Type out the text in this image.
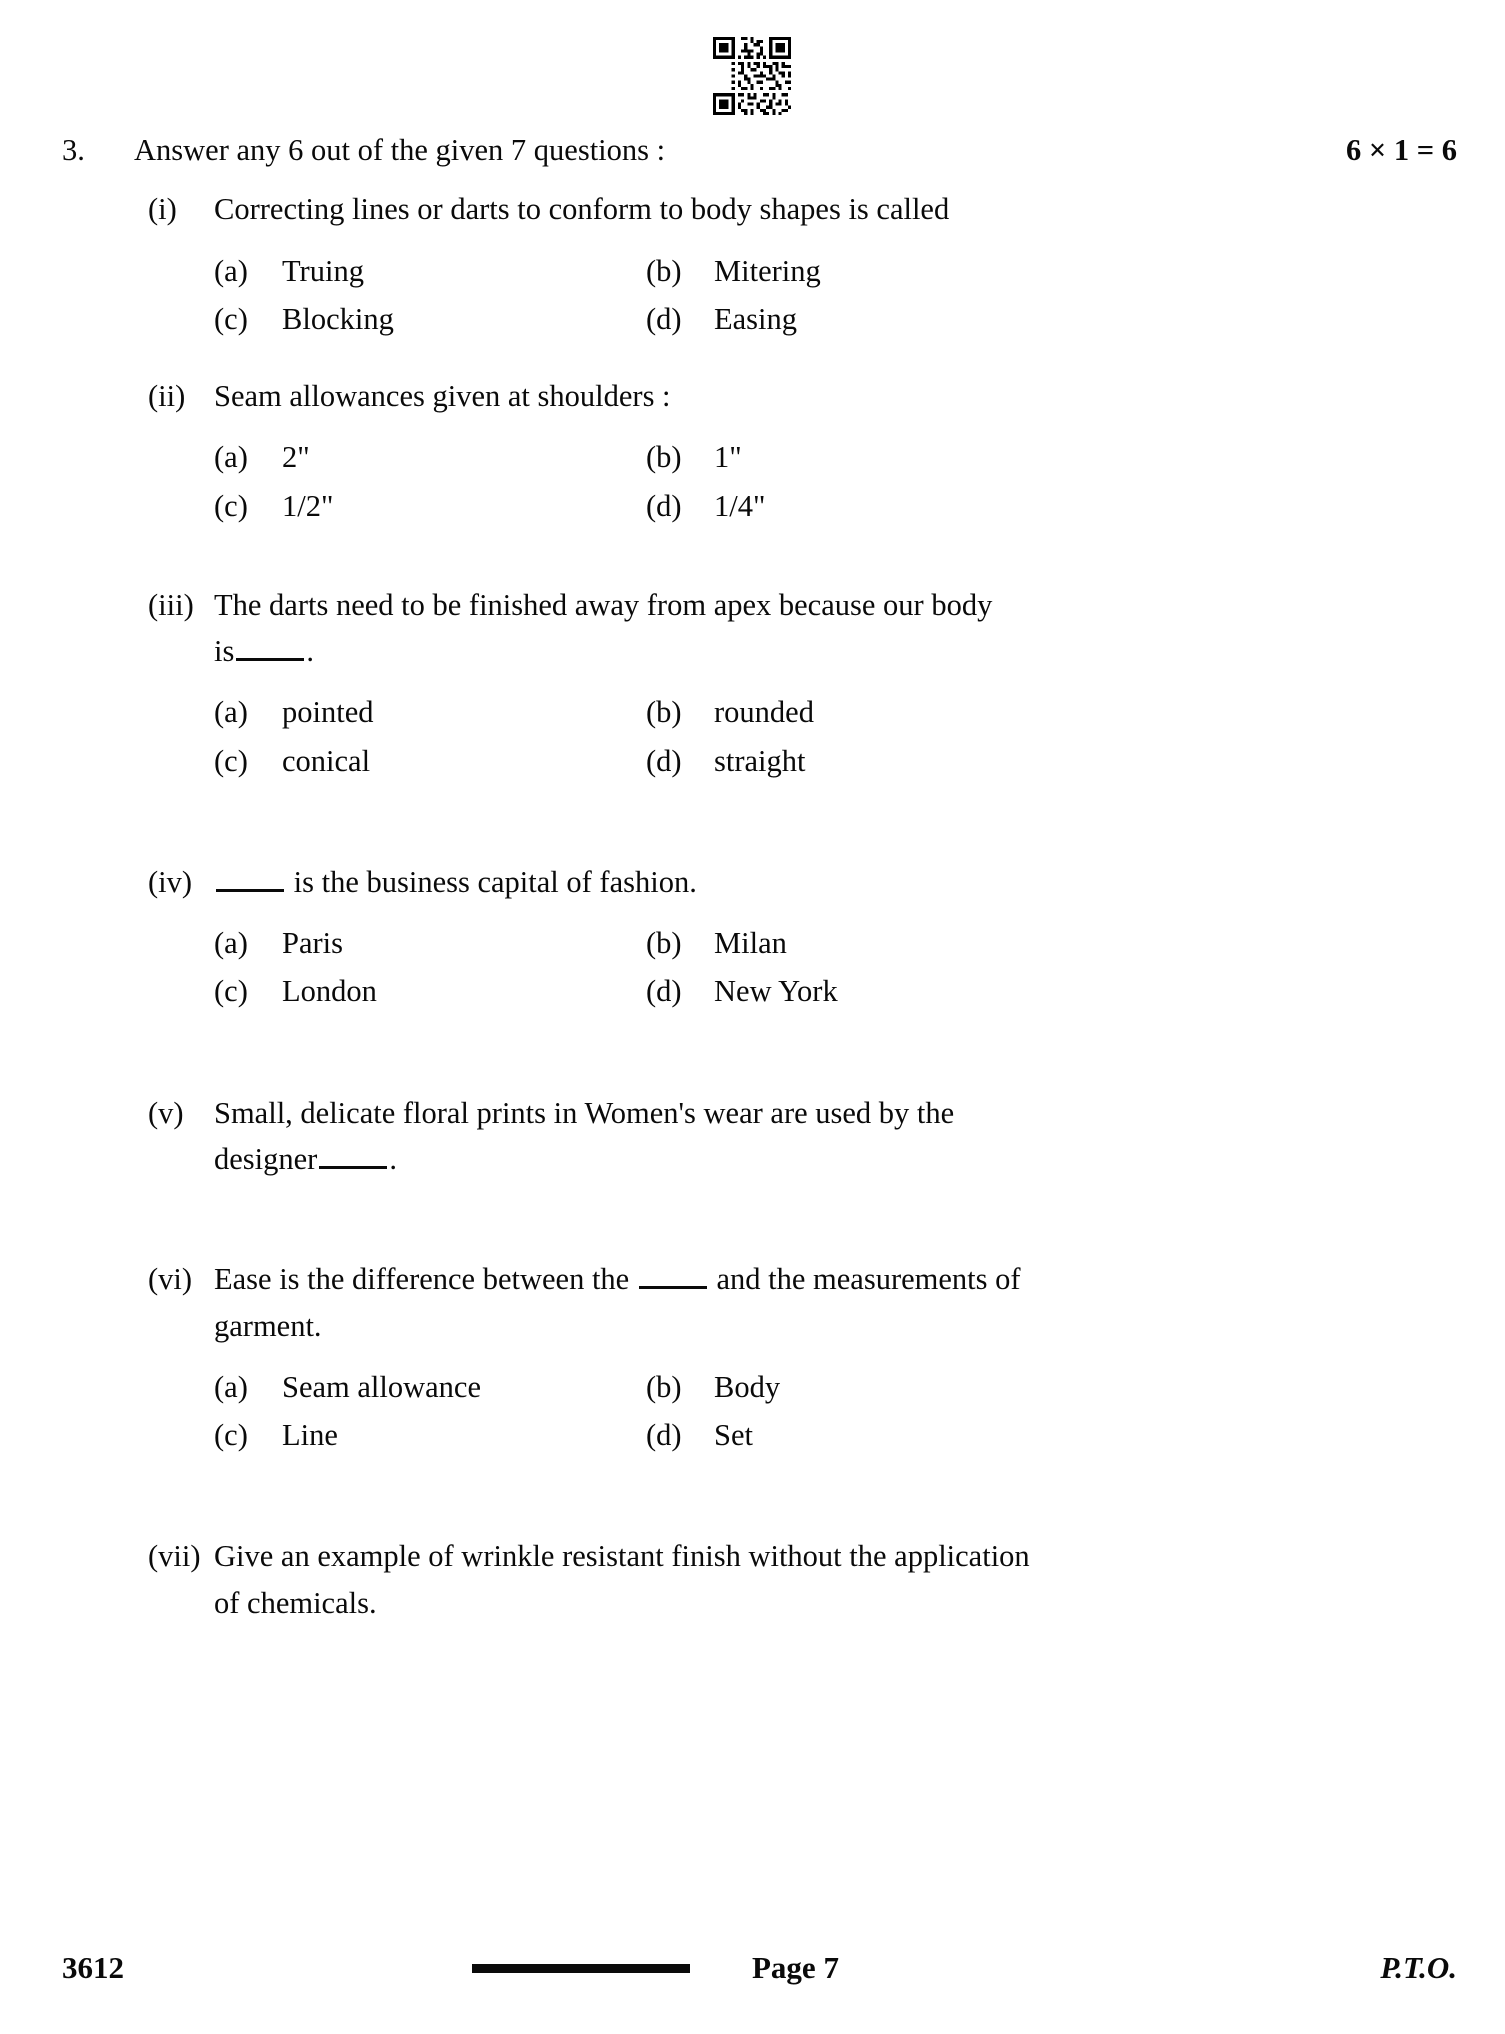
3.	Answer any 6 out of the given 7 questions :	6 × 1 = 6
(i)	Correcting lines or darts to conform to body shapes is called
(a)	Truing	(b)	Mitering
(c)	Blocking	(d)	Easing
(ii) Seam allowances given at shoulders :
(a)	2"	(b)	1"
(c)	1/2"	(d)	1/4"
(iii) The darts need to be finished away from apex because our body
is .
(a)	pointed	(b)	rounded
(c)	conical	(d)	straight
(iv)	is the business capital of fashion.
(a)	Paris	(b)	Milan
(c)	London	(d)	New York
(v) Small, delicate floral prints in Women's wear are used by the
designer .
(vi) Ease is the difference between the	and the measurements of
garment.
(a)	Seam allowance	(b)	Body
(c)	Line	(d)	Set
(vii) Give an example of wrinkle resistant finish without the application
of chemicals.
3612	Page 7	P.T.O.
